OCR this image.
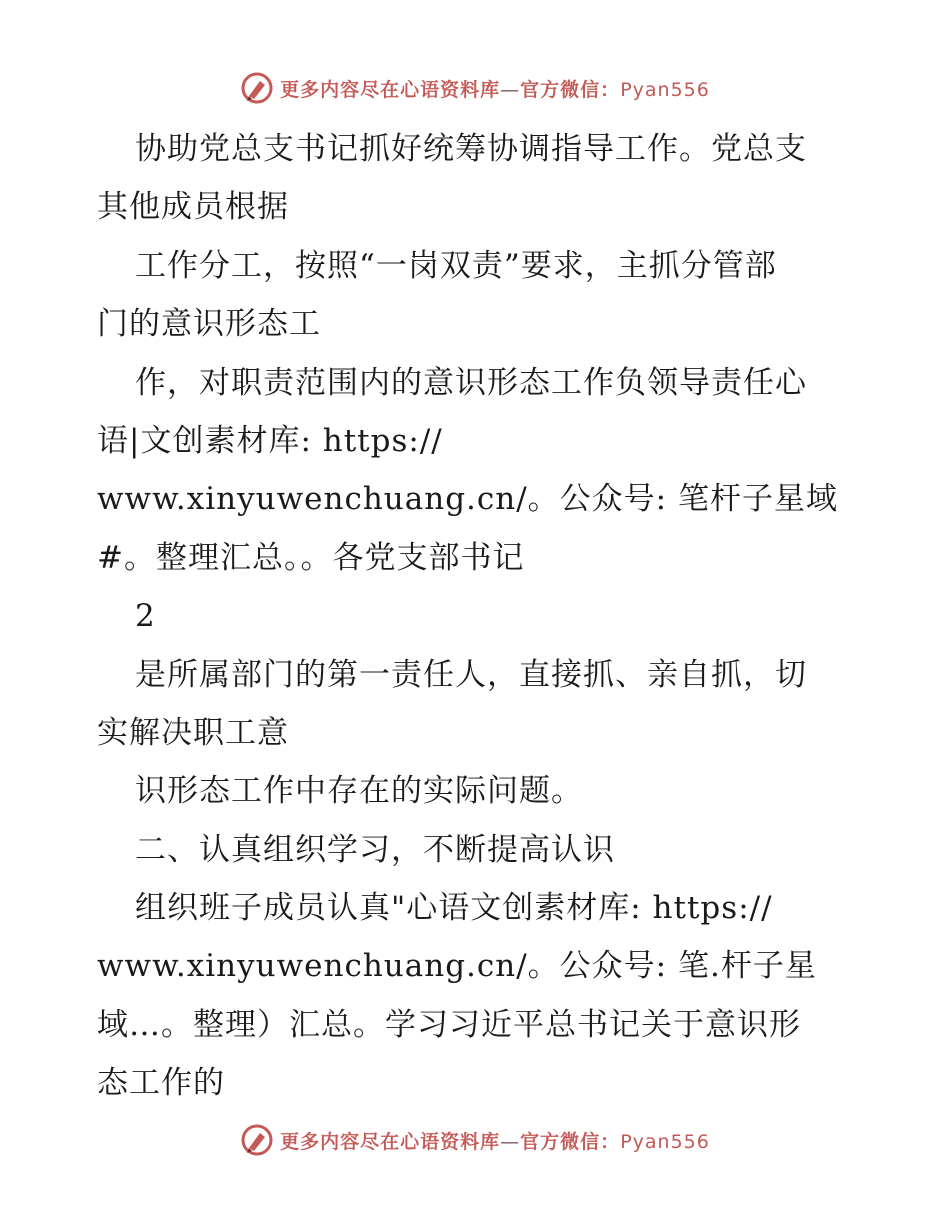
更多内容尽在心语资料库—官方微信：Pyan556
协助党总支书记抓好统筹协调指导工作。党总支
其他成员根据
工作分工，按照“一岗双责”要求，主抓分管部
门的意识形态工
作，对职责范围内的意识形态工作负领导责任心
语|文创素材库: https://
www.xinyuwenchuang.cn/。公众号: 笔杆子星域
#。整理汇总。。各党支部书记
2
是所属部门的第一责任人，直接抓、亲自抓，切
实解决职工意
识形态工作中存在的实际问题。
二、认真组织学习，不断提高认识
组织班子成员认真"心语文创素材库: https://
www.xinyuwenchuang.cn/。公众号: 笔.杆子星
域…。整理）汇总。学习习近平总书记关于意识形
态工作的
更多内容尽在心语资料库—官方微信：Pyan556
